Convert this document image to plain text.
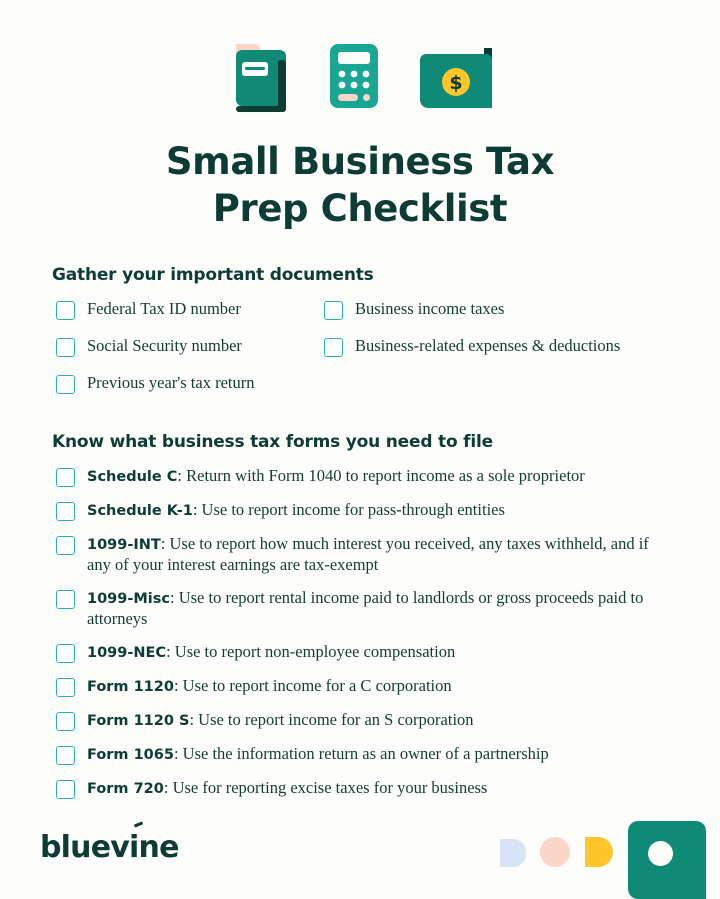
$
Small Business Tax
Prep Checklist
Gather your important documents
Federal Tax ID number
Social Security number
Previous year's tax return
Business income taxes
Business-related expenses & deductions
Know what business tax forms you need to file
Schedule C: Return with Form 1040 to report income as a sole proprietor
Schedule K-1: Use to report income for pass-through entities
1099-INT: Use to report how much interest you received, any taxes withheld, and if any of your interest earnings are tax-exempt
1099-Misc: Use to report rental income paid to landlords or gross proceeds paid to attorneys
1099-NEC: Use to report non-employee compensation
Form 1120: Use to report income for a C corporation
Form 1120 S: Use to report income for an S corporation
Form 1065: Use the information return as an owner of a partnership
Form 720: Use for reporting excise taxes for your business
bluevine
